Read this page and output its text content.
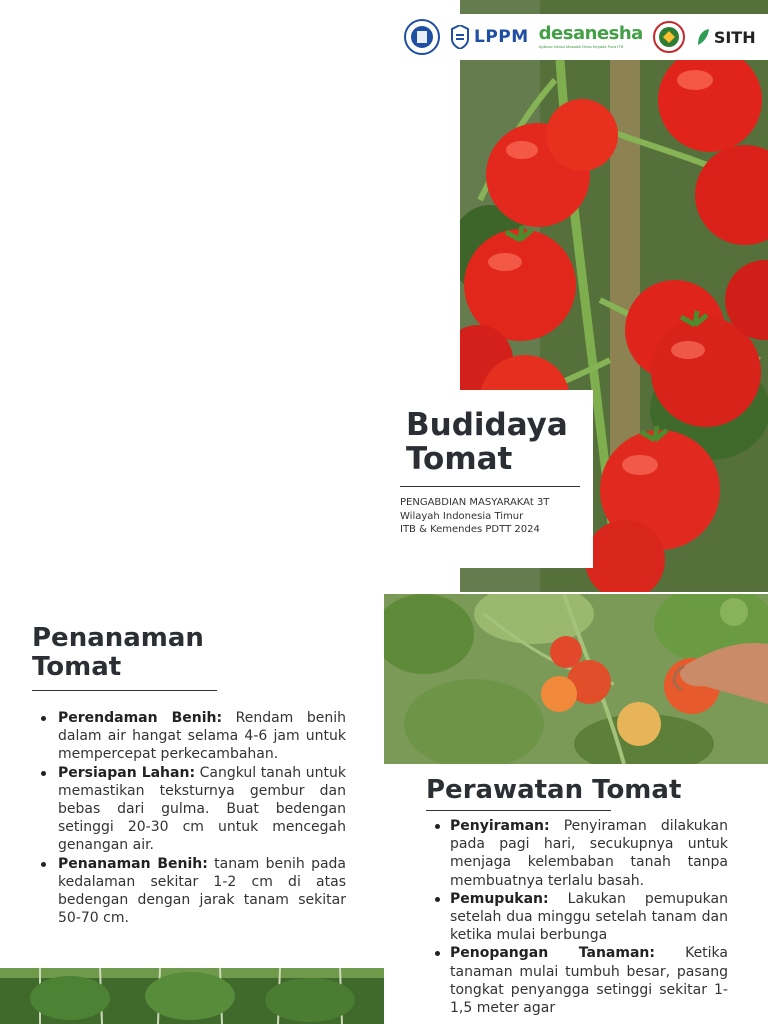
LPPM desanesha
Aplikasi Inklusi Masalah Desa Kepada Para ITB	SITH
Budidaya
Tomat
PENGABDIAN MASYARAKAt 3T
Wilayah Indonesia Timur
ITB & Kemendes PDTT 2024
Penanaman
Tomat
Perendaman Benih: Rendam benih dalam air hangat selama 4-6 jam untuk mempercepat perkecambahan.
Persiapan Lahan: Cangkul tanah untuk memastikan teksturnya gembur dan bebas dari gulma. Buat bedengan setinggi 20-30 cm untuk mencegah genangan air.
Penanaman Benih: tanam benih pada kedalaman sekitar 1-2 cm di atas bedengan dengan jarak tanam sekitar 50-70 cm.
Perawatan Tomat
Penyiraman: Penyiraman dilakukan pada pagi hari, secukupnya untuk menjaga kelembaban tanah tanpa membuatnya terlalu basah.
Pemupukan: Lakukan pemupukan setelah dua minggu setelah tanam dan ketika mulai berbunga
Penopangan Tanaman: Ketika tanaman mulai tumbuh besar, pasang tongkat penyangga setinggi sekitar 1-1,5 meter agar
